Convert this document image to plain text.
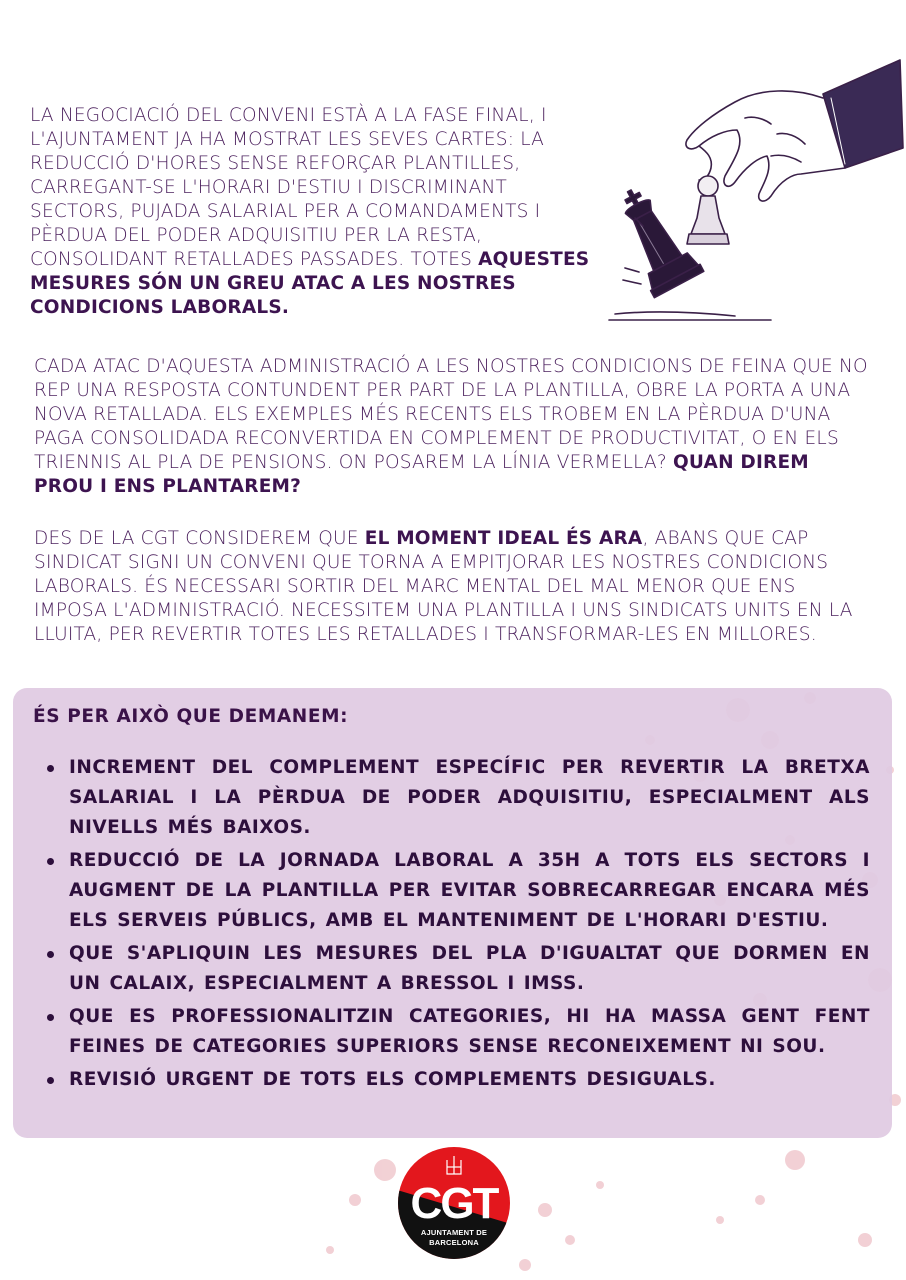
LA NEGOCIACIÓ DEL CONVENI ESTÀ A LA FASE FINAL, I L'AJUNTAMENT JA HA MOSTRAT LES SEVES CARTES: LA REDUCCIÓ D'HORES SENSE REFORÇAR PLANTILLES, CARREGANT-SE L'HORARI D'ESTIU I DISCRIMINANT SECTORS, PUJADA SALARIAL PER A COMANDAMENTS I PÈRDUA DEL PODER ADQUISITIU PER LA RESTA, CONSOLIDANT RETALLADES PASSADES. TOTES AQUESTES MESURES SÓN UN GREU ATAC A LES NOSTRES CONDICIONS LABORALS.

CADA ATAC D'AQUESTA ADMINISTRACIÓ A LES NOSTRES CONDICIONS DE FEINA QUE NO REP UNA RESPOSTA CONTUNDENT PER PART DE LA PLANTILLA, OBRE LA PORTA A UNA NOVA RETALLADA. ELS EXEMPLES MÉS RECENTS ELS TROBEM EN LA PÈRDUA D'UNA PAGA CONSOLIDADA RECONVERTIDA EN COMPLEMENT DE PRODUCTIVITAT, O EN ELS TRIENNIS AL PLA DE PENSIONS. ON POSAREM LA LÍNIA VERMELLA? QUAN DIREM PROU I ENS PLANTAREM?

DES DE LA CGT CONSIDEREM QUE EL MOMENT IDEAL ÉS ARA, ABANS QUE CAP SINDICAT SIGNI UN CONVENI QUE TORNA A EMPITJORAR LES NOSTRES CONDICIONS LABORALS. ÉS NECESSARI SORTIR DEL MARC MENTAL DEL MAL MENOR QUE ENS IMPOSA L'ADMINISTRACIÓ. NECESSITEM UNA PLANTILLA I UNS SINDICATS UNITS EN LA LLUITA, PER REVERTIR TOTES LES RETALLADES I TRANSFORMAR-LES EN MILLORES.

ÉS PER AIXÒ QUE DEMANEM:
INCREMENT DEL COMPLEMENT ESPECÍFIC PER REVERTIR LA BRETXA SALARIAL I LA PÈRDUA DE PODER ADQUISITIU, ESPECIALMENT ALS NIVELLS MÉS BAIXOS.
REDUCCIÓ DE LA JORNADA LABORAL A 35H A TOTS ELS SECTORS I AUGMENT DE LA PLANTILLA PER EVITAR SOBRECARREGAR ENCARA MÉS ELS SERVEIS PÚBLICS, AMB EL MANTENIMENT DE L'HORARI D'ESTIU.
QUE S'APLIQUIN LES MESURES DEL PLA D'IGUALTAT QUE DORMEN EN UN CALAIX, ESPECIALMENT A BRESSOL I IMSS.
QUE ES PROFESSIONALITZIN CATEGORIES, HI HA MASSA GENT FENT FEINES DE CATEGORIES SUPERIORS SENSE RECONEIXEMENT NI SOU.
REVISIÓ URGENT DE TOTS ELS COMPLEMENTS DESIGUALS.
CGT
AJUNTAMENT DE
BARCELONA
